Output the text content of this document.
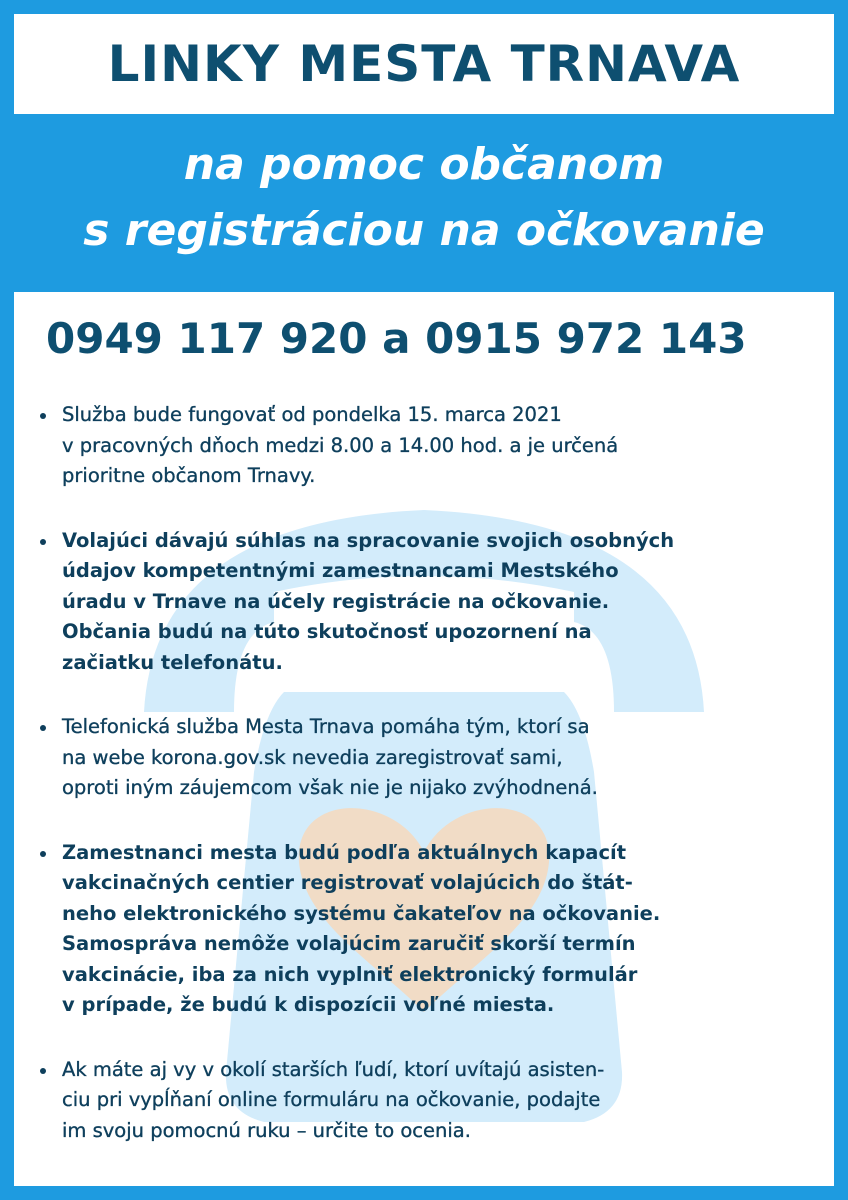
LINKY MESTA TRNAVA
na pomoc občanom
s registráciou na očkovanie
0949 117 920 a 0915 972 143
Služba bude fungovať od pondelka 15. marca 2021
v pracovných dňoch medzi 8.00 a 14.00 hod. a je určená
prioritne občanom Trnavy.
Volajúci dávajú súhlas na spracovanie svojich osobných
údajov kompetentnými zamestnancami Mestského
úradu v Trnave na účely registrácie na očkovanie.
Občania budú na túto skutočnosť upozornení na
začiatku telefonátu.
Telefonická služba Mesta Trnava pomáha tým, ktorí sa
na webe korona.gov.sk nevedia zaregistrovať sami,
oproti iným záujemcom však nie je nijako zvýhodnená.
Zamestnanci mesta budú podľa aktuálnych kapacít
vakcinačných centier registrovať volajúcich do štát-
neho elektronického systému čakateľov na očkovanie.
Samospráva nemôže volajúcim zaručiť skorší termín
vakcinácie, iba za nich vyplniť elektronický formulár
v prípade, že budú k dispozícii voľné miesta.
Ak máte aj vy v okolí starších ľudí, ktorí uvítajú asisten-
ciu pri vypĺňaní online formuláru na očkovanie, podajte
im svoju pomocnú ruku – určite to ocenia.
